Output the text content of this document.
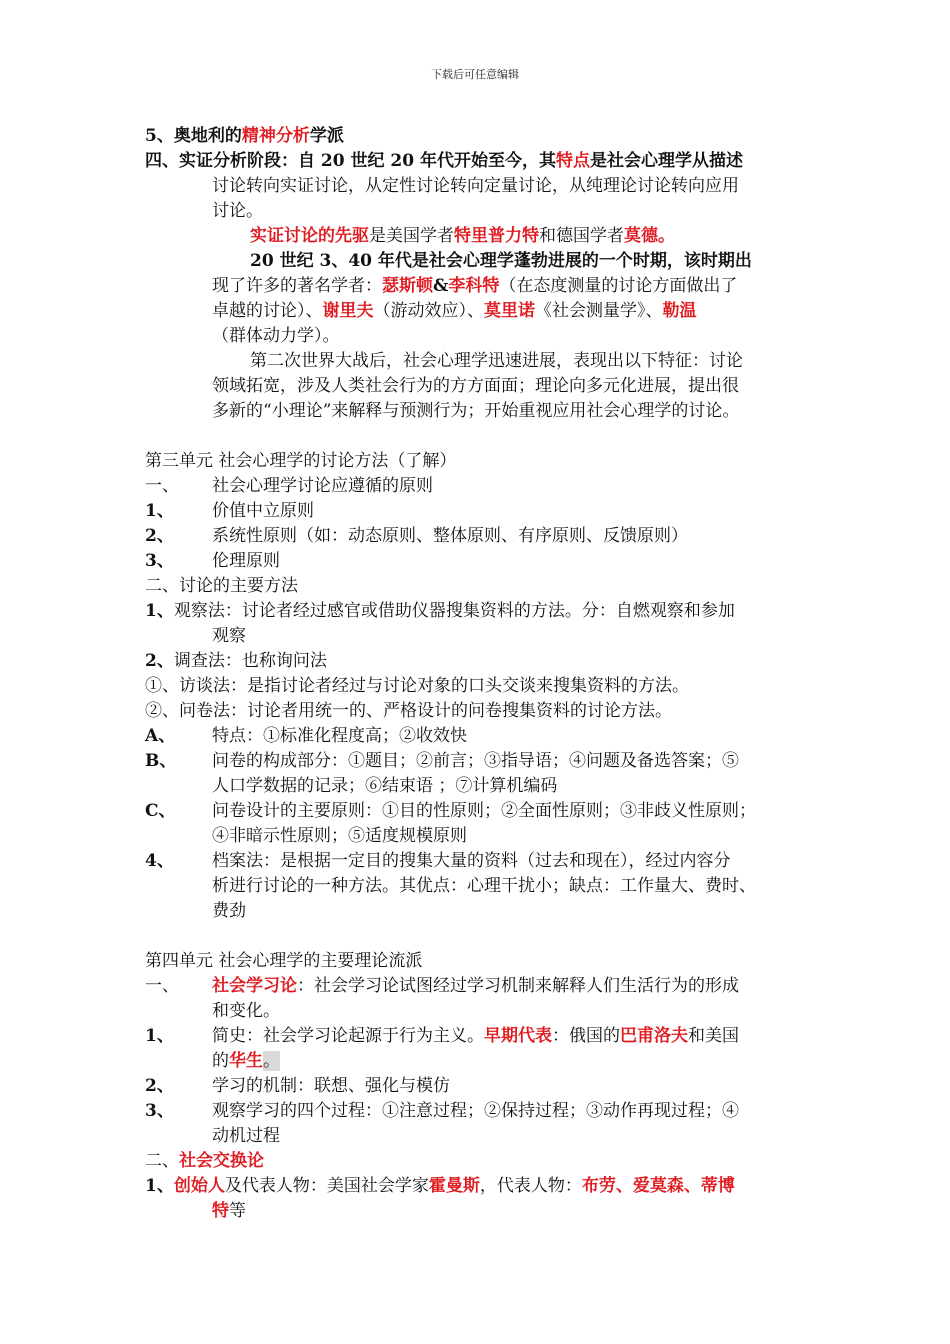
下载后可任意编辑
5、奥地利的精神分析学派
四、实证分析阶段：自 20 世纪 20 年代开始至今，其特点是社会心理学从描述
讨论转向实证讨论，从定性讨论转向定量讨论，从纯理论讨论转向应用
讨论。
实证讨论的先驱是美国学者特里普力特和德国学者莫德。
20 世纪 3、40 年代是社会心理学蓬勃进展的一个时期，该时期出
现了许多的著名学者：瑟斯顿&李科特（在态度测量的讨论方面做出了
卓越的讨论）、谢里夫（游动效应）、莫里诺《社会测量学》、勒温
（群体动力学）。
第二次世界大战后，社会心理学迅速进展，表现出以下特征：讨论
领域拓宽，涉及人类社会行为的方方面面；理论向多元化进展，提出很
多新的“小理论”来解释与预测行为；开始重视应用社会心理学的讨论。
第三单元 社会心理学的讨论方法（了解）
一、 社会心理学讨论应遵循的原则
1、 价值中立原则
2、 系统性原则（如：动态原则、整体原则、有序原则、反馈原则）
3、 伦理原则
二、讨论的主要方法
1、观察法：讨论者经过感官或借助仪器搜集资料的方法。分：自燃观察和参加
观察
2、调查法：也称询问法
①、访谈法：是指讨论者经过与讨论对象的口头交谈来搜集资料的方法。
②、问卷法：讨论者用统一的、严格设计的问卷搜集资料的讨论方法。
A、 特点：①标准化程度高；②收效快
B、 问卷的构成部分：①题目；②前言；③指导语；④问题及备选答案；⑤
人口学数据的记录；⑥结束语 ；⑦计算机编码
C、 问卷设计的主要原则：①目的性原则；②全面性原则；③非歧义性原则；
④非暗示性原则；⑤适度规模原则
4、 档案法：是根据一定目的搜集大量的资料（过去和现在），经过内容分
析进行讨论的一种方法。其优点：心理干扰小；缺点：工作量大、费时、
费劲
第四单元 社会心理学的主要理论流派
一、 社会学习论：社会学习论试图经过学习机制来解释人们生活行为的形成
和变化。
1、 简史：社会学习论起源于行为主义。早期代表：俄国的巴甫洛夫和美国
的华生。
2、 学习的机制：联想、强化与模仿
3、 观察学习的四个过程：①注意过程；②保持过程；③动作再现过程；④
动机过程
二、社会交换论
1、创始人及代表人物：美国社会学家霍曼斯，代表人物：布劳、爱莫森、蒂博
特等
